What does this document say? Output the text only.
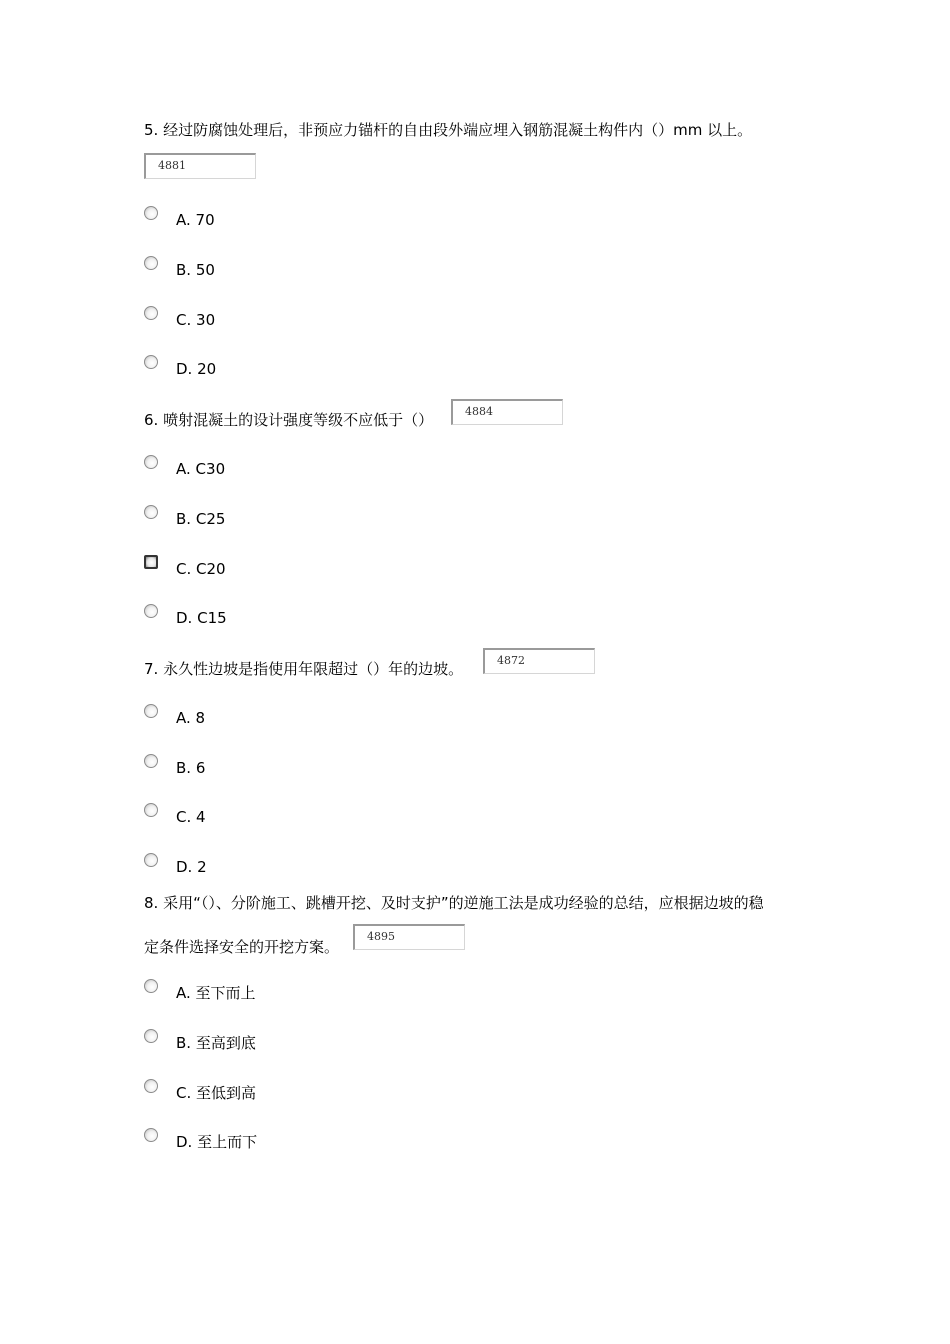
5. 经过防腐蚀处理后，非预应力锚杆的自由段外端应埋入钢筋混凝土构件内（）mm 以上。
4881
A. 70
B. 50
C. 30
D. 20
6. 喷射混凝土的设计强度等级不应低于（）	4884
A. C30
B. C25
C. C20
D. C15
7. 永久性边坡是指使用年限超过（）年的边坡。	4872
A. 8
B. 6
C. 4
D. 2
8. 采用“（）、分阶施工、跳槽开挖、及时支护”的逆施工法是成功经验的总结，应根据边坡的稳
定条件选择安全的开挖方案。
4895
A. 至下而上
B. 至高到底
C. 至低到高
D. 至上而下
